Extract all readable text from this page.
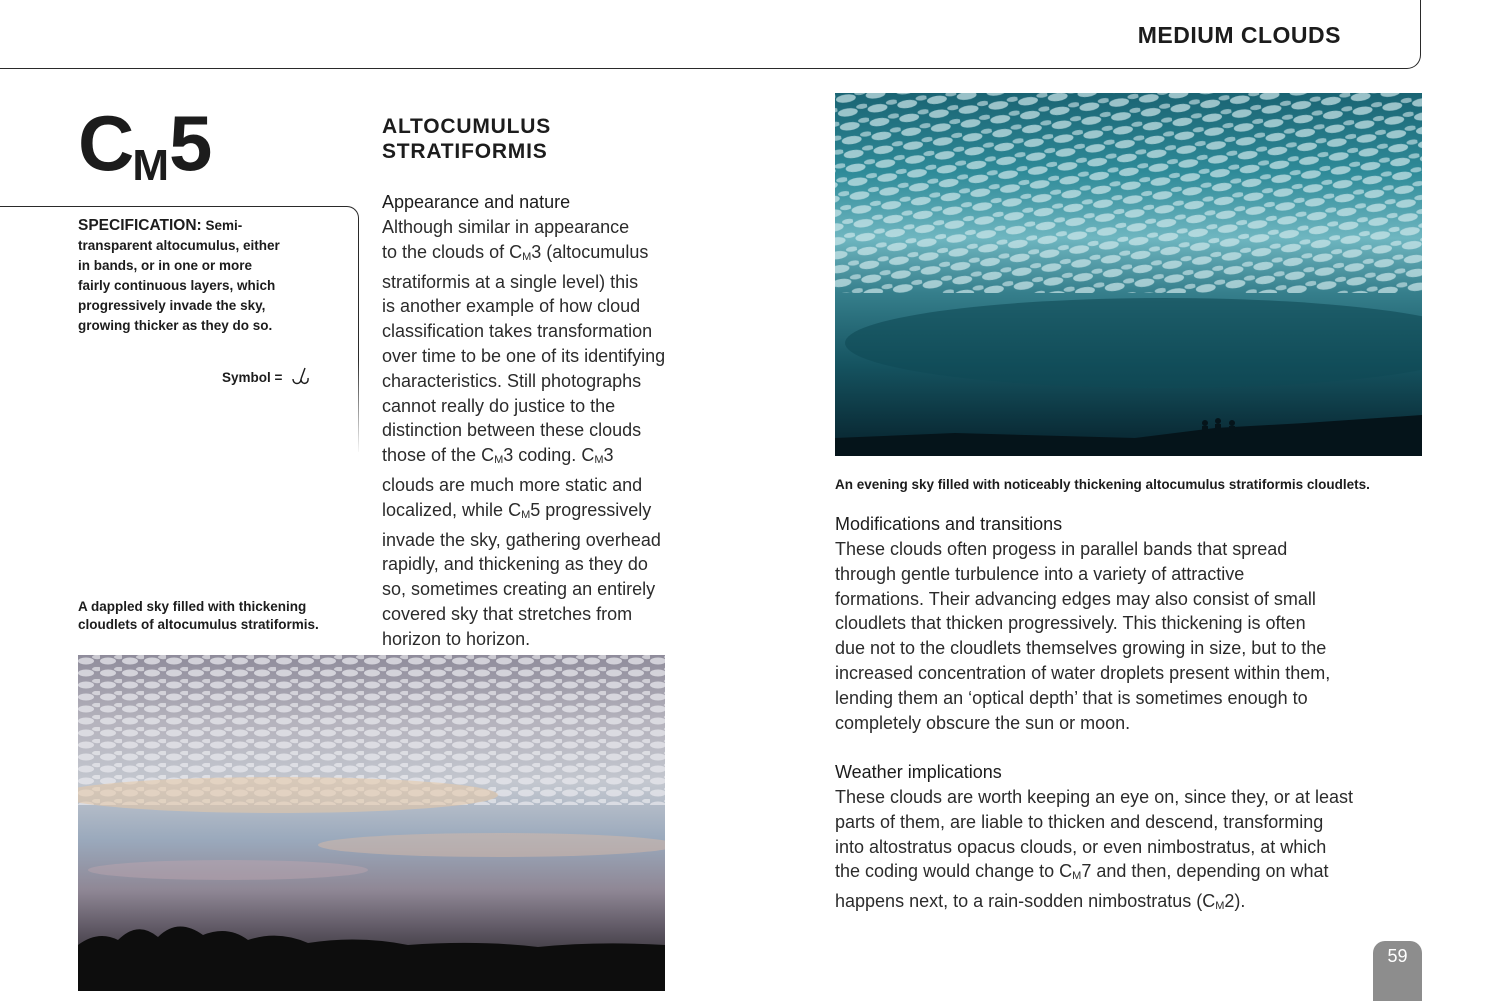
MEDIUM CLOUDS
CM5
SPECIFICATION: Semi-
transparent altocumulus, either
in bands, or in one or more
fairly continuous layers, which
progressively invade the sky,
growing thicker as they do so.
Symbol =
ALTOCUMULUS
STRATIFORMIS
Appearance and nature
Although similar in appearance
to the clouds of $C_M3$ (altocumulus
stratiformis at a single level) this
is another example of how cloud
classification takes transformation
over time to be one of its identifying
characteristics. Still photographs
cannot really do justice to the
distinction between these clouds
those of the $C_M3$ coding. $C_M3$
clouds are much more static and
localized, while $C_M5$ progressively
invade the sky, gathering overhead
rapidly, and thickening as they do
so, sometimes creating an entirely
covered sky that stretches from
horizon to horizon.
A dappled sky filled with thickening
cloudlets of altocumulus stratiformis.
An evening sky filled with noticeably thickening altocumulus stratiformis cloudlets.
Modifications and transitions
These clouds often progess in parallel bands that spread
through gentle turbulence into a variety of attractive
formations. Their advancing edges may also consist of small
cloudlets that thicken progressively. This thickening is often
due not to the cloudlets themselves growing in size, but to the
increased concentration of water droplets present within them,
lending them an ‘optical depth’ that is sometimes enough to
completely obscure the sun or moon.
Weather implications
These clouds are worth keeping an eye on, since they, or at least
parts of them, are liable to thicken and descend, transforming
into altostratus opacus clouds, or even nimbostratus, at which
the coding would change to $C_M7$ and then, depending on what
happens next, to a rain-sodden nimbostratus $(C_M2)$.
59
